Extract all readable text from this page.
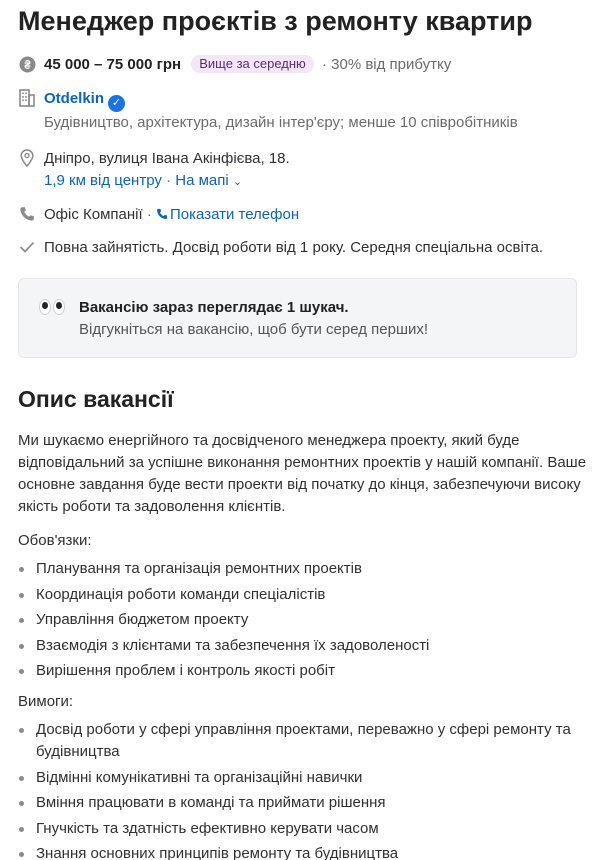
Менеджер проєктів з ремонту квартир
45 000 – 75 000 грн Вище за середню · 30% від прибутку
Otdelkin ✓
Будівництво, архітектура, дизайн інтер'єру; менше 10 співробітників
Дніпро, вулиця Івана Акінфієва, 18.
1,9 км від центру · На мапі ⌄
Офіс Компанії · Показати телефон
Повна зайнятість. Досвід роботи від 1 року. Середня спеціальна освіта.
Вакансію зараз переглядає 1 шукач.
Відгукніться на вакансію, щоб бути серед перших!
Опис вакансії

Ми шукаємо енергійного та досвідченого менеджера проекту, який буде відповідальний за успішне виконання ремонтних проектів у нашій компанії. Ваше основне завдання буде вести проекти від початку до кінця, забезпечуючи високу якість роботи та задоволення клієнтів.

Обов'язки:
Планування та організація ремонтних проектів
Координація роботи команди спеціалістів
Управління бюджетом проекту
Взаємодія з клієнтами та забезпечення їх задоволеності
Вирішення проблем і контроль якості робіт
Вимоги:
Досвід роботи у сфері управління проектами, переважно у сфері ремонту та будівництва
Відмінні комунікативні та організаційні навички
Вміння працювати в команді та приймати рішення
Гнучкість та здатність ефективно керувати часом
Знання основних принципів ремонту та будівництва
